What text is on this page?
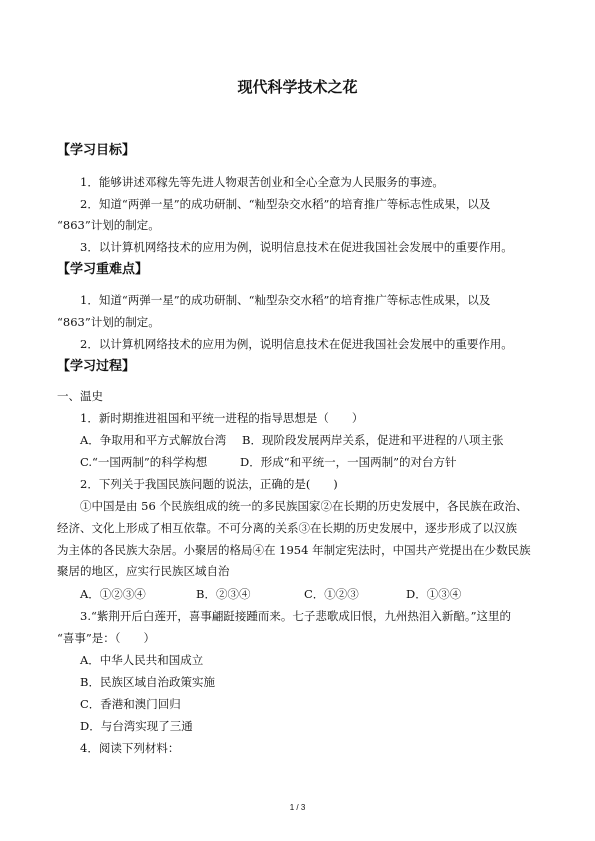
现代科学技术之花
【学习目标】
1．能够讲述邓稼先等先进人物艰苦创业和全心全意为人民服务的事迹。
2．知道“两弹一星”的成功研制、“籼型杂交水稻”的培育推广等标志性成果，以及
“863”计划的制定。
3．以计算机网络技术的应用为例，说明信息技术在促进我国社会发展中的重要作用。
【学习重难点】
1．知道“两弹一星”的成功研制、“籼型杂交水稻”的培育推广等标志性成果，以及
“863”计划的制定。
2．以计算机网络技术的应用为例，说明信息技术在促进我国社会发展中的重要作用。
【学习过程】
一、温史
1．新时期推进祖国和平统一进程的指导思想是（　　）
A．争取用和平方式解放台湾 B．现阶段发展两岸关系，促进和平进程的八项主张
C.“一国两制”的科学构想	D．形成“和平统一，一国两制”的对台方针
2．下列关于我国民族问题的说法，正确的是(　　)
①中国是由 56 个民族组成的统一的多民族国家②在长期的历史发展中，各民族在政治、
经济、文化上形成了相互依靠。不可分离的关系③在长期的历史发展中，逐步形成了以汉族
为主体的各民族大杂居。小聚居的格局④在 1954 年制定宪法时，中国共产党提出在少数民族
聚居的地区，应实行民族区域自治
A．①②③④	B．②③④	C．①②③	D．①③④
3.“紫荆开后白莲开，喜事翩跹接踵而来。七子悲歌成旧恨，九州热泪入新醅。”这里的
“喜事”是：（　　）
A．中华人民共和国成立
B．民族区域自治政策实施
C．香港和澳门回归
D．与台湾实现了三通
4．阅读下列材料：
1 / 3
